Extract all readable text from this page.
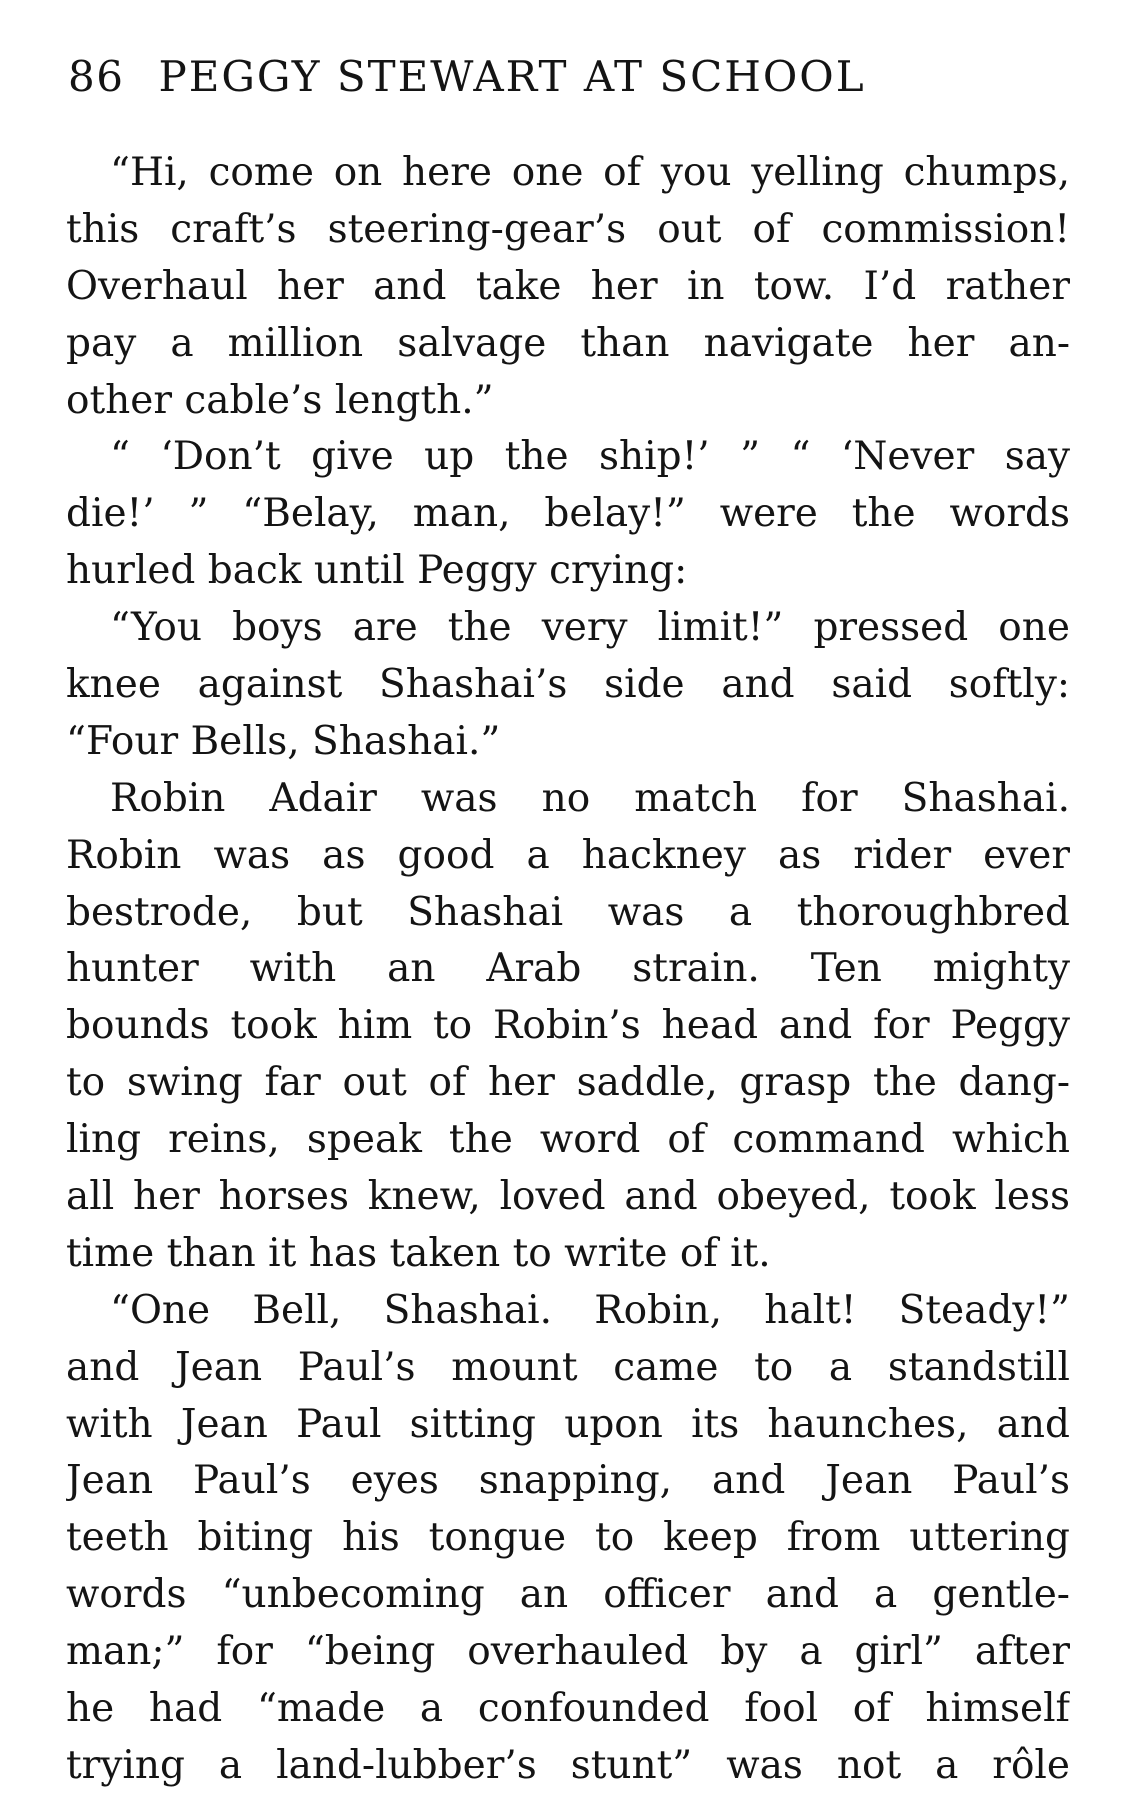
86 PEGGY STEWART AT SCHOOL
“Hi, come on here one of you yelling chumps,
this craft’s steering-gear’s out of commission!
Overhaul her and take her in tow. I’d rather
pay a million salvage than navigate her an-
other cable’s length.”
“ ‘Don’t give up the ship!’ ” “ ‘Never say
die!’ ” “Belay, man, belay!” were the words
hurled back until Peggy crying:
“You boys are the very limit!” pressed one
knee against Shashai’s side and said softly:
“Four Bells, Shashai.”
Robin Adair was no match for Shashai.
Robin was as good a hackney as rider ever
bestrode, but Shashai was a thoroughbred
hunter with an Arab strain. Ten mighty
bounds took him to Robin’s head and for Peggy
to swing far out of her saddle, grasp the dang-
ling reins, speak the word of command which
all her horses knew, loved and obeyed, took less
time than it has taken to write of it.
“One Bell, Shashai. Robin, halt! Steady!”
and Jean Paul’s mount came to a standstill
with Jean Paul sitting upon its haunches, and
Jean Paul’s eyes snapping, and Jean Paul’s
teeth biting his tongue to keep from uttering
words “unbecoming an officer and a gentle-
man;” for “being overhauled by a girl” after
he had “made a confounded fool of himself
trying a land-lubber’s stunt” was not a rôle
